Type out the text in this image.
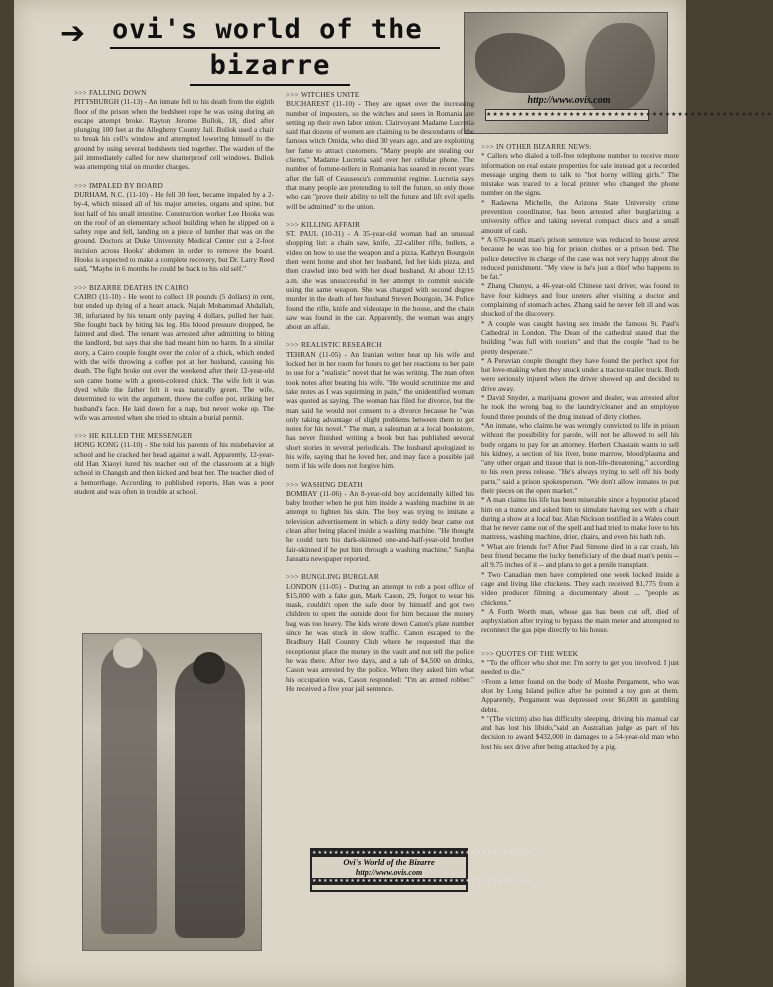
➔ ovi's world of the
bizarre
http://www.ovis.com
★★★★★★★★★★★★★★★★★★★★★★★★★★★★★★★★★★★★★★★★★★★★★
>>> FALLING DOWN
PITTSBURGH (11-13) - An inmate fell to his death from the eighth floor of the prison when the bedsheet rope he was using during an escape attempt broke. Rayton Jerome Bullok, 18, died after plunging 100 feet at the Allegheny County Jail. Bullok used a chair to break his cell's window and attempted lowering himself to the ground by using several bedsheets tied together. The warden of the jail immediately called for new shatterproof cell windows. Bullok was attempting trial on murder charges.
>>> IMPALED BY BOARD
DURHAM, N.C. (11-10) - He fell 30 feet, became impaled by a 2-by-4, which missed all of his major arteries, organs and spine, but lost half of his small intestine. Construction worker Lee Hooks was on the roof of an elementary school building when he slipped on a safety rope and fell, landing on a piece of lumber that was on the ground. Doctors at Duke University Medical Center cut a 2-foot incision across Hooks' abdomen in order to remove the board. Hooks is expected to make a complete recovery, but Dr. Larry Reed said, "Maybe in 6 months he could be back to his old self."
>>> BIZARRE DEATHS IN CAIRO
CAIRO (11-10) - He went to collect 18 pounds (5 dollars) in rent, but ended up dying of a heart attack. Najah Mohammad Abdallah, 38, infuriated by his tenant only paying 4 dollars, pulled her hair. She fought back by biting his leg. His blood pressure dropped, he fainted and died. The tenant was arrested after admitting to biting the landlord, but says that she had meant him no harm. In a similar story, a Cairo couple fought over the color of a chick, which ended with the wife throwing a coffee pot at her husband, causing his death. The fight broke out over the weekend after their 12-year-old son came home with a green-colored chick. The wife felt it was dyed while the father felt it was naturally green. The wife, determined to win the argument, threw the coffee pot, striking her husband's face. He laid down for a nap, but never woke up. The wife was arrested when she tried to obtain a burial permit.
>>> HE KILLED THE MESSENGER
HONG KONG (11-10) - She told his parents of his misbehavior at school and he cracked her head against a wall. Apparently, 12-year-old Han Xiaoyi lured his teacher out of the classroom at a high school in Changsh and then kicked and beat her. The teacher died of a hemorrhage. According to published reports, Han was a poor student and was often in trouble at school.
>>> WITCHES UNITE
BUCHAREST (11-10) - They are upset over the increasing number of imposters, so the witches and seers in Romania are setting up their own labor union. Clairvoyant Madame Lucretia said that dozens of women are claiming to be descendants of the famous witch Omida, who died 30 years ago, and are exploiting her fame to attract customers. "Many people are stealing our clients," Madame Lucretia said over her cellular phone. The number of fortune-tellers in Romania has soared in recent years after the fall of Ceausescu's communist regime. Lucretia says that many people are pretending to tell the future, so only those who can "prove their ability to tell the future and lift evil spells will be admitted" to the union.
>>> KILLING AFFAIR
ST. PAUL (10-31) - A 35-year-old woman had an unusual shopping list: a chain saw, knife, .22-caliber rifle, bullets, a video on how to use the weapon and a pizza. Kathryn Bourgoin then went home and shot her husband, fed her kids pizza, and then crawled into bed with her dead husband. At about 12:15 a.m. she was unsuccessful in her attempt to commit suicide using the same weapon. She was charged with second degree murder in the death of her husband Steven Bourgoin, 34. Police found the rifle, knife and videotape in the house, and the chain saw was found in the car. Apparently, the woman was angry about an affair.
>>> REALISTIC RESEARCH
TEHRAN (11-05) - An Iranian writer beat up his wife and locked her in her room for hours to get her reactions to her pain to use for a "realistic" novel that he was writing. The man often took notes after beating his wife. "He would scrutinize me and take notes as I was squirming in pain," the unidentified woman was quoted as saying. The woman has filed for divorce, but the man said he would not consent to a divorce because he "was only taking advantage of slight problems between them to get notes for his novel." The man, a salesman at a local bookstore, has never finished writing a book but has published several short stories in several periodicals. The husband apologized to his wife, saying that he loved her, and may face a possible jail term if his wife does not forgive him.
>>> WASHING DEATH
BOMBAY (11-06) - An 8-year-old boy accidentally killed his baby brother when he put him inside a washing machine in an attempt to lighten his skin. The boy was trying to imitate a television advertisement in which a dirty teddy bear came out clean after being placed inside a washing machine. "He thought he could turn his dark-skinned one-and-half-year-old brother fair-skinned if he put him through a washing machine," Sanjha Jansatta newspaper reported.
>>> BUNGLING BURGLAR
LONDON (11-05) - During an attempt to rob a post office of $15,000 with a fake gun, Mark Cason, 29, forgot to wear his mask, couldn't open the safe door by himself and got two children to open the outside door for him because the money bag was too heavy. The kids wrote down Canon's plate number since he was stuck in slow traffic. Canon escaped to the Bradbury Hall Country Club where he requested that the receptionist place the money in the vault and not tell the police he was there. After two days, and a tab of $4,500 on drinks, Cason was arrested by the police. When they asked him what his occupation was, Cason responded: "I'm an armed robber." He received a five year jail sentence.
★★★★★★★★★★★★★★★★★★★★★★★★★★★★★★★★★★★★★★★★
Ovi's World of the Bizarre
http://www.ovis.com
★★★★★★★★★★★★★★★★★★★★★★★★★★★★★★★★★★★★★★★★
>>> IN OTHER BIZARRE NEWS:
* Callers who dialed a toll-free telephone number to receive more information on real estate properties for sale instead got a recorded message urging them to talk to "hot horny willing girls." The mistake was traced to a local printer who changed the phone number on the signs.
* Radawna Michelle, the Arizona State University crime prevention coordinator, has been arrested after burglarizing a university office and taking several compact discs and a small amount of cash.
* A 670-pound man's prison sentence was reduced to house arrest because he was too big for prison clothes or a prison bed. The police detective in charge of the case was not very happy about the reduced punishment. "My view is he's just a thief who happens to be fat."
* Zhang Chunyu, a 46-year-old Chinese taxi driver, was found to have four kidneys and four ureters after visiting a doctor and complaining of stomach aches. Zhang said he never felt ill and was shocked of the discovery.
* A couple was caught having sex inside the famous St. Paul's Cathedral in London. The Dean of the cathedral stated that the building "was full with tourists" and that the couple "had to be pretty desperate."
* A Peruvian couple thought they have found the perfect spot for hot love-making when they snuck under a tractor-trailer truck. Both were seriously injured when the driver showed up and decided to drive away.
* David Snyder, a marijuana grower and dealer, was arrested after he took the wrong bag to the laundry/cleaner and an employee found three pounds of the drug instead of dirty clothes.
*An inmate, who claims he was wrongly convicted to life in prison without the possibility for parole, will not be allowed to sell his body organs to pay for an attorney. Herbert Chastain wants to sell his kidney, a section of his liver, bone marrow, blood/plasma and "any other organ and tissue that is non-life-threatening," according to his own press release. "He's always trying to sell off his body parts," said a prison spokesperson. "We don't allow inmates to put their pieces on the open market."
* A man claims his life has been miserable since a hypnotist placed him on a trance and asked him to simulate having sex with a chair during a show at a local bar. Alan Nickson testified in a Wales court that he never came out of the spell and had tried to make love to his mattress, washing machine, drier, chairs, and even his bath tub.
* What are friends for? After Paul Simone died in a car crash, his best friend became the lucky beneficiary of the dead man's penis -- all 9.75 inches of it -- and plans to get a penile transplant.
* Two Canadian men have completed one week locked inside a cage and living like chickens. They each received $1,775 from a video producer filming a documentary about ... "people as chickens."
* A Forth Worth man, whose gas has been cut off, died of asphyxiation after trying to bypass the main meter and attempted to reconnect the gas pipe directly to his house.
>>> QUOTES OF THE WEEK
* "To the officer who shot me: I'm sorry to get you involved. I just needed to die."
>From a letter found on the body of Moshe Pergament, who was shot by Long Island police after he pointed a toy gun at them. Apparently, Pergament was depressed over $6,000 in gambling debts.
* "(The victim) also has difficulty sleeping, driving his manual car and has lost his libido,"said an Australian judge as part of his decision to award $432,000 in damages to a 54-year-old man who lost his sex drive after being attacked by a pig.
